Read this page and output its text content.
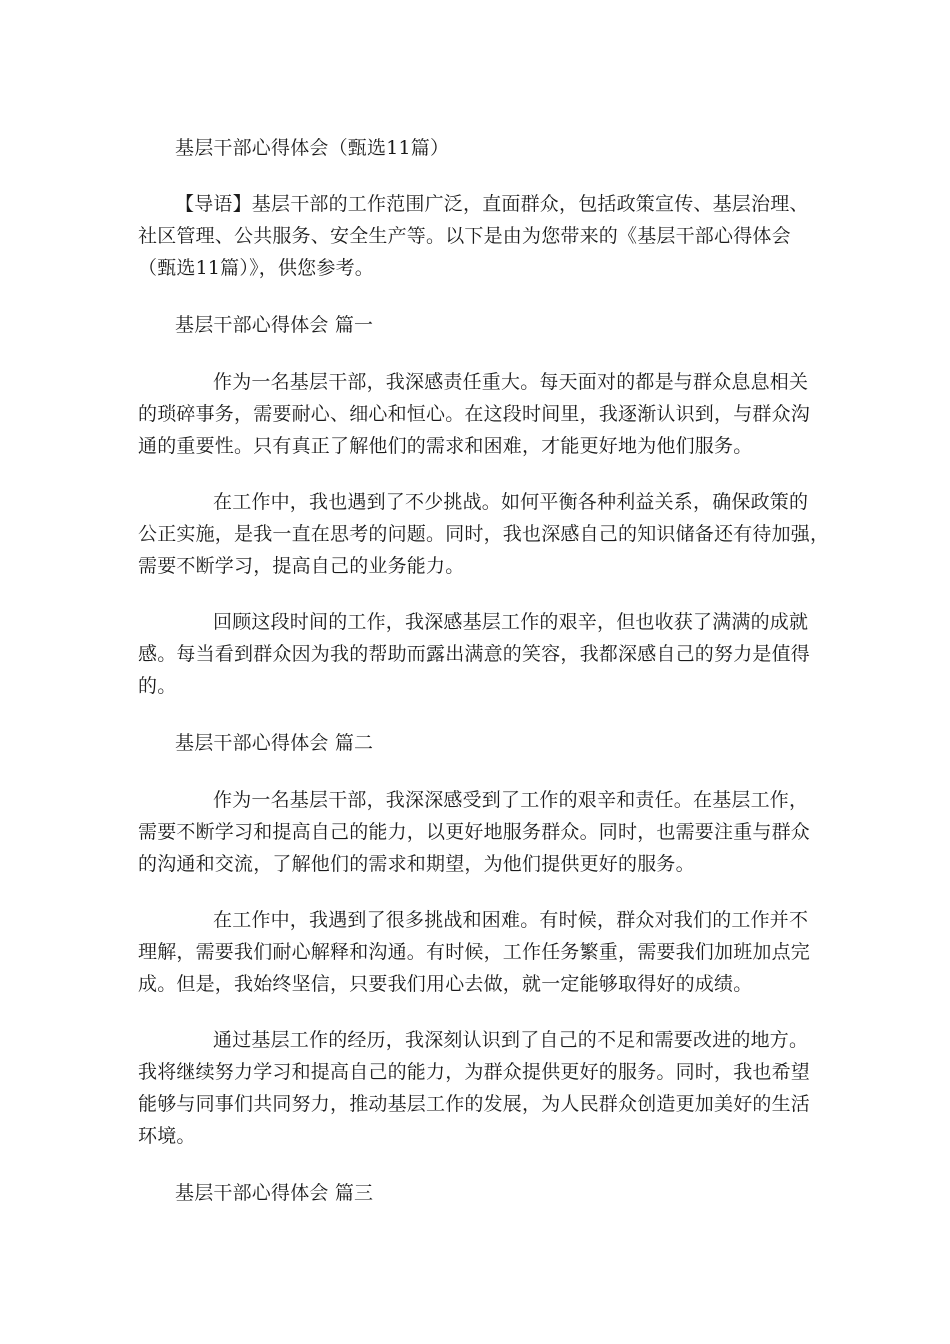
基层干部心得体会（甄选11篇）
【导语】基层干部的工作范围广泛，直面群众，包括政策宣传、基层治理、
社区管理、公共服务、安全生产等。以下是由为您带来的《基层干部心得体会
（甄选11篇）》，供您参考。
基层干部心得体会 篇一
作为一名基层干部，我深感责任重大。每天面对的都是与群众息息相关
的琐碎事务，需要耐心、细心和恒心。在这段时间里，我逐渐认识到，与群众沟
通的重要性。只有真正了解他们的需求和困难，才能更好地为他们服务。
在工作中，我也遇到了不少挑战。如何平衡各种利益关系，确保政策的
公正实施，是我一直在思考的问题。同时，我也深感自己的知识储备还有待加强，
需要不断学习，提高自己的业务能力。
回顾这段时间的工作，我深感基层工作的艰辛，但也收获了满满的成就
感。每当看到群众因为我的帮助而露出满意的笑容，我都深感自己的努力是值得
的。
基层干部心得体会 篇二
作为一名基层干部，我深深感受到了工作的艰辛和责任。在基层工作，
需要不断学习和提高自己的能力，以更好地服务群众。同时，也需要注重与群众
的沟通和交流，了解他们的需求和期望，为他们提供更好的服务。
在工作中，我遇到了很多挑战和困难。有时候，群众对我们的工作并不
理解，需要我们耐心解释和沟通。有时候，工作任务繁重，需要我们加班加点完
成。但是，我始终坚信，只要我们用心去做，就一定能够取得好的成绩。
通过基层工作的经历，我深刻认识到了自己的不足和需要改进的地方。
我将继续努力学习和提高自己的能力，为群众提供更好的服务。同时，我也希望
能够与同事们共同努力，推动基层工作的发展，为人民群众创造更加美好的生活
环境。
基层干部心得体会 篇三
